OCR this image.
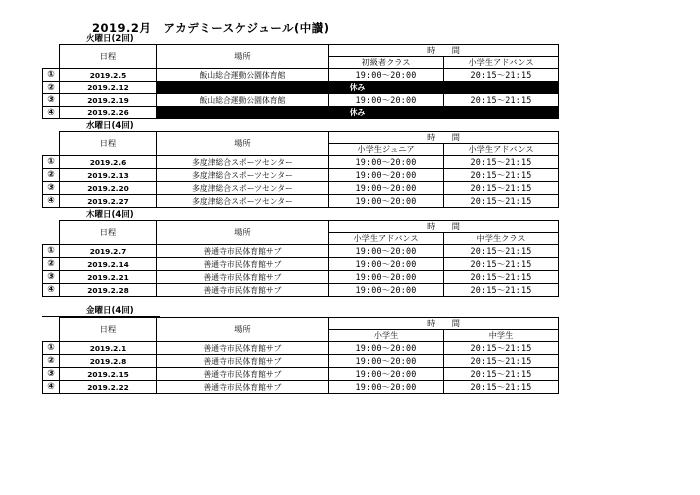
2019.2月　アカデミースケジュール(中讃)
火曜日(2回)
	日程	場所	時　　間	
			初級者クラス	小学生アドバンス
①	2019.2.5	飯山総合運動公園体育館	19:00～20:00	20:15～21:15
②	2019.2.12	休み		
③	2019.2.19	飯山総合運動公園体育館	19:00～20:00	20:15～21:15
④	2019.2.26	休み		
水曜日(4回)
	日程	場所	時　　間	
			小学生ジュニア	小学生アドバンス
①	2019.2.6	多度津総合スポーツセンター	19:00～20:00	20:15～21:15
②	2019.2.13	多度津総合スポーツセンター	19:00～20:00	20:15～21:15
③	2019.2.20	多度津総合スポーツセンター	19:00～20:00	20:15～21:15
④	2019.2.27	多度津総合スポーツセンター	19:00～20:00	20:15～21:15
木曜日(4回)
	日程	場所	時　　間	
			小学生アドバンス	中学生クラス
①	2019.2.7	善通寺市民体育館サブ	19:00～20:00	20:15～21:15
②	2019.2.14	善通寺市民体育館サブ	19:00～20:00	20:15～21:15
③	2019.2.21	善通寺市民体育館サブ	19:00～20:00	20:15～21:15
④	2019.2.28	善通寺市民体育館サブ	19:00～20:00	20:15～21:15
金曜日(4回)
	日程	場所	時　　間	
			小学生	中学生
①	2019.2.1	善通寺市民体育館サブ	19:00～20:00	20:15～21:15
②	2019.2.8	善通寺市民体育館サブ	19:00～20:00	20:15～21:15
③	2019.2.15	善通寺市民体育館サブ	19:00～20:00	20:15～21:15
④	2019.2.22	善通寺市民体育館サブ	19:00～20:00	20:15～21:15
